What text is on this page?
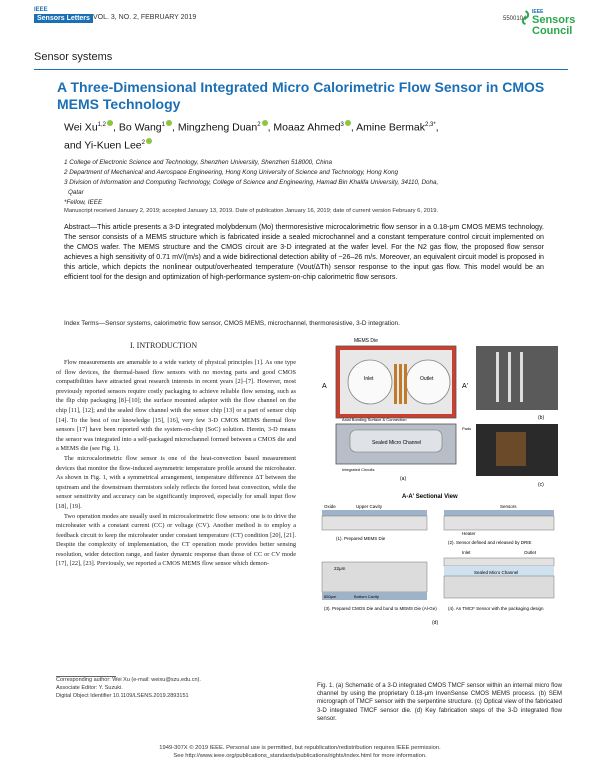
IEEE
Sensors Letters VOL. 3, NO. 2, FEBRUARY 2019	5500104
IEEE
Sensors Council
Sensor systems
A Three-Dimensional Integrated Micro Calorimetric Flow Sensor in CMOS MEMS Technology
Wei Xu$^{1,2}$ , Bo Wang$^1$ , Mingzheng Duan$^2$ , Moaaz Ahmed$^3$ , Amine Bermak$^{2,3*}$,
and Yi-Kuen Lee$^2$
1 College of Electronic Science and Technology, Shenzhen University, Shenzhen 518000, China
2 Department of Mechanical and Aerospace Engineering, Hong Kong University of Science and Technology, Hong Kong
3 Division of Information and Computing Technology, College of Science and Engineering, Hamad Bin Khalifa University, 34110, Doha,
Qatar
*Fellow, IEEE
Manuscript received January 2, 2019; accepted January 13, 2019. Date of publication January 16, 2019; date of current version February 6, 2019.
Abstract—This article presents a 3-D integrated molybdenum (Mo) thermoresistive microcalorimetric flow sensor in a 0.18-μm CMOS MEMS technology. The sensor consists of a MEMS structure which is fabricated inside a sealed microchannel and a constant temperature control circuit implemented on the CMOS wafer. The MEMS structure and the CMOS circuit are 3-D integrated at the wafer level. For the N2 gas flow, the proposed flow sensor achieves a high sensitivity of 0.71 mV/(m/s) and a wide bidirectional detection ability of −26–26 m/s. Moreover, an equivalent circuit model is proposed in this article, which depicts the nonlinear output/overheated temperature (Vout/ΔTh) sensor response to the input gas flow. This model would be an efficient tool for the design and optimization of high-performance system-on-chip calorimetric flow sensors.
Index Terms—Sensor systems, calorimetric flow sensor, CMOS MEMS, microchannel, thermoresistive, 3-D integration.
I. INTRODUCTION

Flow measurements are amenable to a wide variety of physical principles [1]. As one type of flow devices, the thermal-based flow sensors with no moving parts and good CMOS compatibilities have attracted great research interests in recent years [2]–[7]. However, most previously reported sensors require costly packaging to achieve reliable flow sensing, such as the flip chip packaging [8]–[10]; the surface mounted adaptor with the flow channel on the chip [11], [12]; and the sealed flow channel with the sensor chip [13] or a part of sensor chip [14]. To the best of our knowledge [15], [16], very few 3-D CMOS MEMS thermal flow sensors [17] have been reported with the system-on-chip (SoC) solution. Herein, 3-D means the sensor was integrated into a self-packaged microchannel formed between a CMOS die and a MEMS die (see Fig. 1).

The microcalorimetric flow sensor is one of the heat-convection based measurement devices that monitor the flow-induced asymmetric temperature profile around the microheater. As shown in Fig. 1, with a symmetrical arrangement, temperature difference ΔT between the upstream and the downstream thermistors solely reflects the forced heat convection, while the sensor sensitivity and accuracy can be significantly improved, especially for small input flow [18], [19].

Two operation modes are usually used in microcalorimetric flow sensors: one is to drive the microheater with a constant current (CC) or voltage (CV). Another method is to employ a feedback circuit to keep the microheater under constant temperature (CT) condition [20], [21]. Despite the complexity of implementation, the CT operation mode provides better sensing resolution, wider detection range, and faster dynamic response than those of CC or CV mode [17], [22], [23]. Previously, we reported a CMOS MEMS flow sensor which demon-

Corresponding author: Wei Xu (e-mail: weixu@szu.edu.cn).
Associate Editor: Y. Suzuki.
Digital Object Identifier 10.1109/LSENS.2019.2893151
MEMS Die
Inlet	Outlet
A	A'
Axial Bonding Surface & Connection
Sealed Micro Channel
Pads
Integrated Circuits
(a)
(b)
(c)
A-A' Sectional View
Oxide	Upper Cavity
(1). Prepared MEMS Die
Sensors
Heater
(2). Sensor defined and released by DRIE
22μm
650μm	Bottom Cavity
(3). Prepared CMOS Die and bond to MEMS Die (Al-Ge)
Inlet	Outlet
Sealed Micro Channel
(4). An TMCF Sensor with the packaging design
(d)
Fig. 1. (a) Schematic of a 3-D integrated CMOS TMCF sensor within an internal micro flow channel by using the proprietary 0.18-μm InvenSense CMOS MEMS process. (b) SEM micrograph of TMCF sensor with the serpentine structure. (c) Optical view of the fabricated 3-D integrated TMCF sensor die. (d) Key fabrication steps of the 3-D integrated flow sensor.
1949-307X © 2019 IEEE. Personal use is permitted, but republication/redistribution requires IEEE permission.
See http://www.ieee.org/publications_standards/publications/rights/index.html for more information.
